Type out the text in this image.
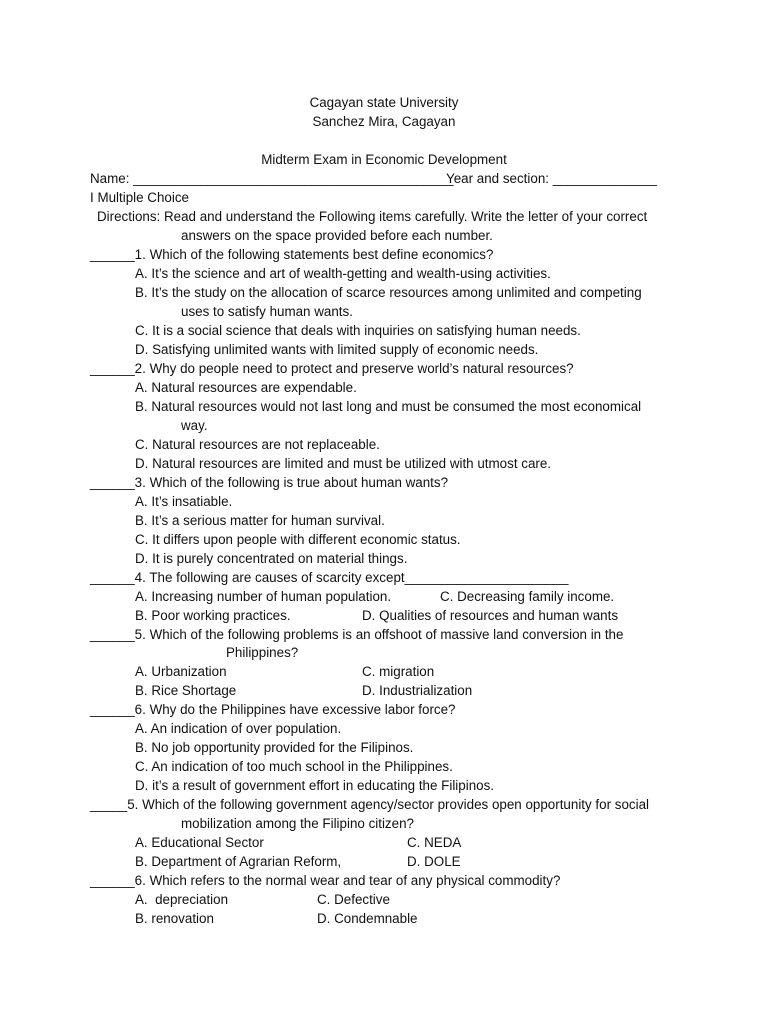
Cagayan state University
Sanchez Mira, Cagayan
Midterm Exam in Economic Development
Name: ___________________________________________
Year and section: ______________
I Multiple Choice
Directions: Read and understand the Following items carefully. Write the letter of your correct
answers on the space provided before each number.
______1. Which of the following statements best define economics?
A. It’s the science and art of wealth-getting and wealth-using activities.
B. It’s the study on the allocation of scarce resources among unlimited and competing
uses to satisfy human wants.
C. It is a social science that deals with inquiries on satisfying human needs.
D. Satisfying unlimited wants with limited supply of economic needs.
______2. Why do people need to protect and preserve world’s natural resources?
A. Natural resources are expendable.
B. Natural resources would not last long and must be consumed the most economical
way.
C. Natural resources are not replaceable.
D. Natural resources are limited and must be utilized with utmost care.
______3. Which of the following is true about human wants?
A. It’s insatiable.
B. It’s a serious matter for human survival.
C. It differs upon people with different economic status.
D. It is purely concentrated on material things.
______4. The following are causes of scarcity except______________________
A. Increasing number of human population.	C. Decreasing family income.
B. Poor working practices.	D. Qualities of resources and human wants
______5. Which of the following problems is an offshoot of massive land conversion in the
Philippines?
A. Urbanization	C. migration
B. Rice Shortage	D. Industrialization
______6. Why do the Philippines have excessive labor force?
A. An indication of over population.
B. No job opportunity provided for the Filipinos.
C. An indication of too much school in the Philippines.
D. it’s a result of government effort in educating the Filipinos.
_____5. Which of the following government agency/sector provides open opportunity for social
mobilization among the Filipino citizen?
A. Educational Sector	C. NEDA
B. Department of Agrarian Reform,	D. DOLE
______6. Which refers to the normal wear and tear of any physical commodity?
A.  depreciation	C. Defective
B. renovation	D. Condemnable
